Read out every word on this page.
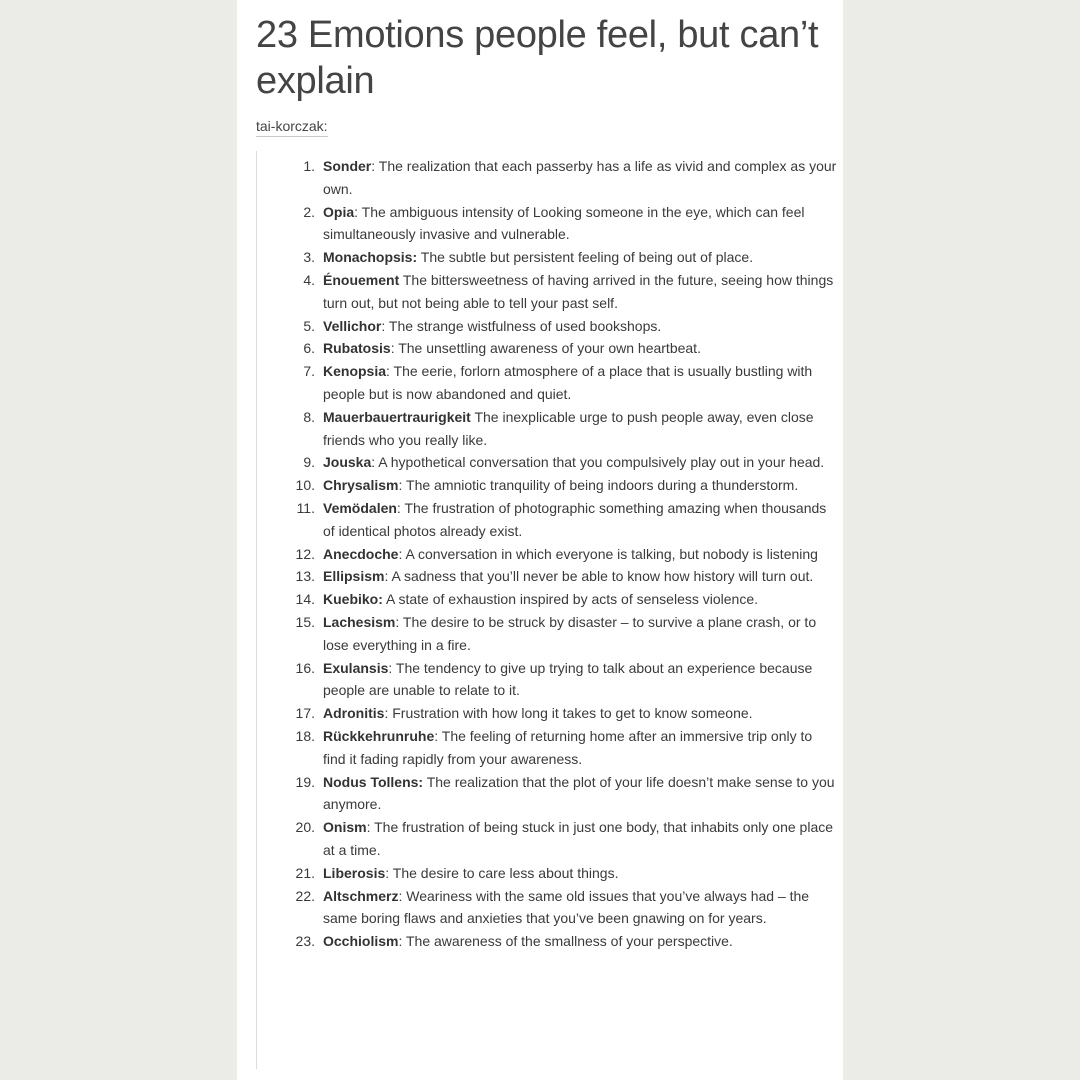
23 Emotions people feel, but can’t explain
tai-korczak:
1. Sonder: The realization that each passerby has a life as vivid and complex as your own.
2. Opia: The ambiguous intensity of Looking someone in the eye, which can feel simultaneously invasive and vulnerable.
3. Monachopsis: The subtle but persistent feeling of being out of place.
4. Énouement The bittersweetness of having arrived in the future, seeing how things turn out, but not being able to tell your past self.
5. Vellichor: The strange wistfulness of used bookshops.
6. Rubatosis: The unsettling awareness of your own heartbeat.
7. Kenopsia: The eerie, forlorn atmosphere of a place that is usually bustling with people but is now abandoned and quiet.
8. Mauerbauertraurigkeit The inexplicable urge to push people away, even close friends who you really like.
9. Jouska: A hypothetical conversation that you compulsively play out in your head.
10. Chrysalism: The amniotic tranquility of being indoors during a thunderstorm.
11. Vemödalen: The frustration of photographic something amazing when thousands of identical photos already exist.
12. Anecdoche: A conversation in which everyone is talking, but nobody is listening
13. Ellipsism: A sadness that you’ll never be able to know how history will turn out.
14. Kuebiko: A state of exhaustion inspired by acts of senseless violence.
15. Lachesism: The desire to be struck by disaster – to survive a plane crash, or to lose everything in a fire.
16. Exulansis: The tendency to give up trying to talk about an experience because people are unable to relate to it.
17. Adronitis: Frustration with how long it takes to get to know someone.
18. Rückkehrunruhe: The feeling of returning home after an immersive trip only to find it fading rapidly from your awareness.
19. Nodus Tollens: The realization that the plot of your life doesn’t make sense to you anymore.
20. Onism: The frustration of being stuck in just one body, that inhabits only one place at a time.
21. Liberosis: The desire to care less about things.
22. Altschmerz: Weariness with the same old issues that you’ve always had – the same boring flaws and anxieties that you’ve been gnawing on for years.
23. Occhiolism: The awareness of the smallness of your perspective.
